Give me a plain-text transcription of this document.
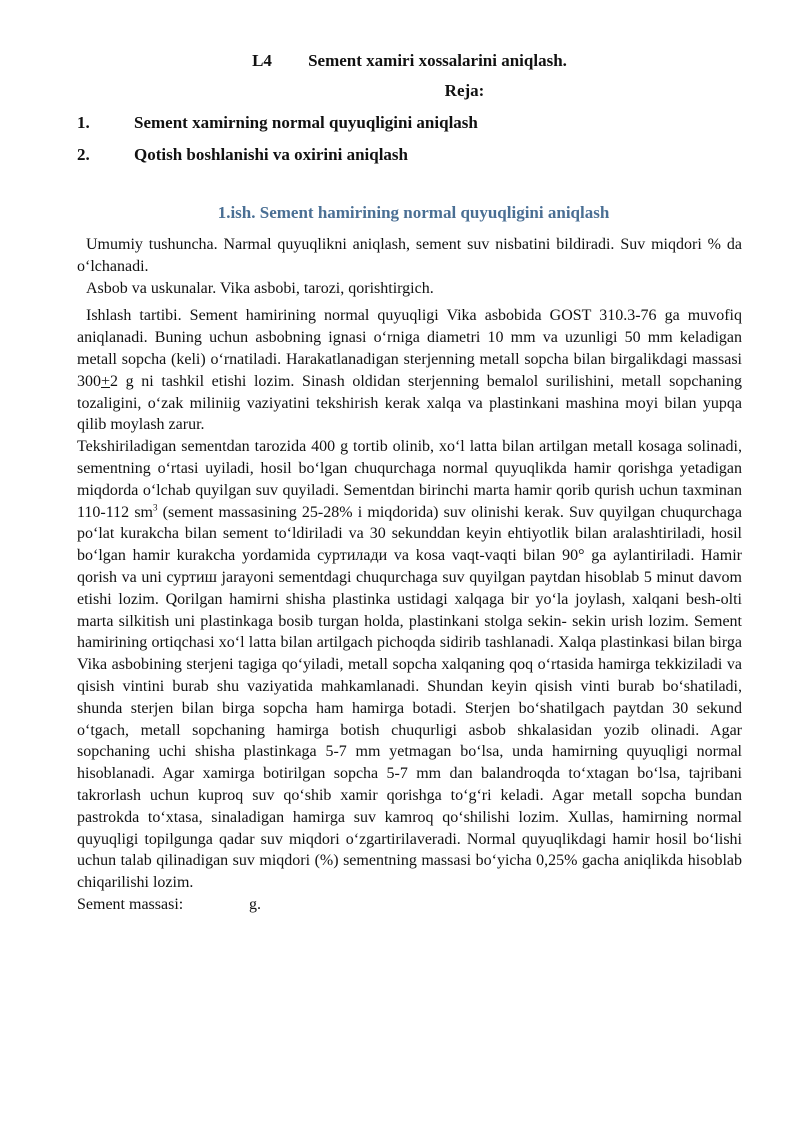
L4 Sement xamiri xossalarini aniqlash.
Reja:
1.	Sement xamirning normal quyuqligini aniqlash
2.	Qotish boshlanishi va oxirini aniqlash
1.ish. Sement hamirining normal quyuqligini aniqlash

Umumiy tushuncha. Narmal quyuqlikni aniqlash, sement suv nisbatini bildiradi. Suv miqdori % da o‘lchanadi.

Asbob va uskunalar. Vika asbobi, tarozi, qorishtirgich.

Ishlash tartibi. Sement hamirining normal quyuqligi Vika asbobida GOST 310.3-76 ga muvofiq aniqlanadi. Buning uchun asbobning ignasi o‘rniga diametri 10 mm va uzunligi 50 mm keladigan metall sopcha (keli) o‘rnatiladi. Harakatlanadigan sterjenning metall sopcha bilan birgalikdagi massasi 300+2 g ni tashkil etishi lozim. Sinash oldidan sterjenning bemalol surilishini, metall sopchaning tozaligini, o‘zak miliniig vaziyatini tekshirish kerak xalqa va plastinkani mashina moyi bilan yupqa qilib moylash zarur.

Tekshiriladigan sementdan tarozida 400 g tortib olinib, xo‘l latta bilan artilgan metall kosaga solinadi, sementning o‘rtasi uyiladi, hosil bo‘lgan chuqurchaga normal quyuqlikda hamir qorishga yetadigan miqdorda o‘lchab quyilgan suv quyiladi. Sementdan birinchi marta hamir qorib qurish uchun taxminan 110-112 $sm^3$ (sement massasining 25-28% i miqdorida) suv olinishi kerak. Suv quyilgan chuqurchaga po‘lat kurakcha bilan sement to‘ldiriladi va 30 sekunddan keyin ehtiyotlik bilan aralashtiriladi, hosil bo‘lgan hamir kurakcha yordamida суртилади va kosa vaqt-vaqti bilan 90° ga aylantiriladi. Hamir qorish va uni суртиш jarayoni sementdagi chuqurchaga suv quyilgan paytdan hisoblab 5 minut davom etishi lozim. Qorilgan hamirni shisha plastinka ustidagi xalqaga bir yo‘la joylash, xalqani besh-olti marta silkitish uni plastinkaga bosib turgan holda, plastinkani stolga sekin- sekin urish lozim. Sement hamirining ortiqchasi xo‘l latta bilan artilgach pichoqda sidirib tashlanadi. Xalqa plastinkasi bilan birga Vika asbobining sterjeni tagiga qo‘yiladi, metall sopcha xalqaning qoq o‘rtasida hamirga tekkiziladi va qisish vintini burab shu vaziyatida mahkamlanadi. Shundan keyin qisish vinti burab bo‘shatiladi, shunda sterjen bilan birga sopcha ham hamirga botadi. Sterjen bo‘shatilgach paytdan 30 sekund o‘tgach, metall sopchaning hamirga botish chuqurligi asbob shkalasidan yozib olinadi. Agar sopchaning uchi shisha plastinkaga 5-7 mm yetmagan bo‘lsa, unda hamirning quyuqligi normal hisoblanadi. Agar xamirga botirilgan sopcha 5-7 mm dan balandroqda to‘xtagan bo‘lsa, tajribani takrorlash uchun kuproq suv qo‘shib xamir qorishga to‘g‘ri keladi. Agar metall sopcha bundan pastrokda to‘xtasa, sinaladigan hamirga suv kamroq qo‘shilishi lozim. Xullas, hamirning normal quyuqligi topilgunga qadar suv miqdori o‘zgartirilaveradi. Normal quyuqlikdagi hamir hosil bo‘lishi uchun talab qilinadigan suv miqdori (%) sementning massasi bo‘yicha 0,25% gacha aniqlikda hisoblab chiqarilishi lozim.

Sement massasi:	g.
